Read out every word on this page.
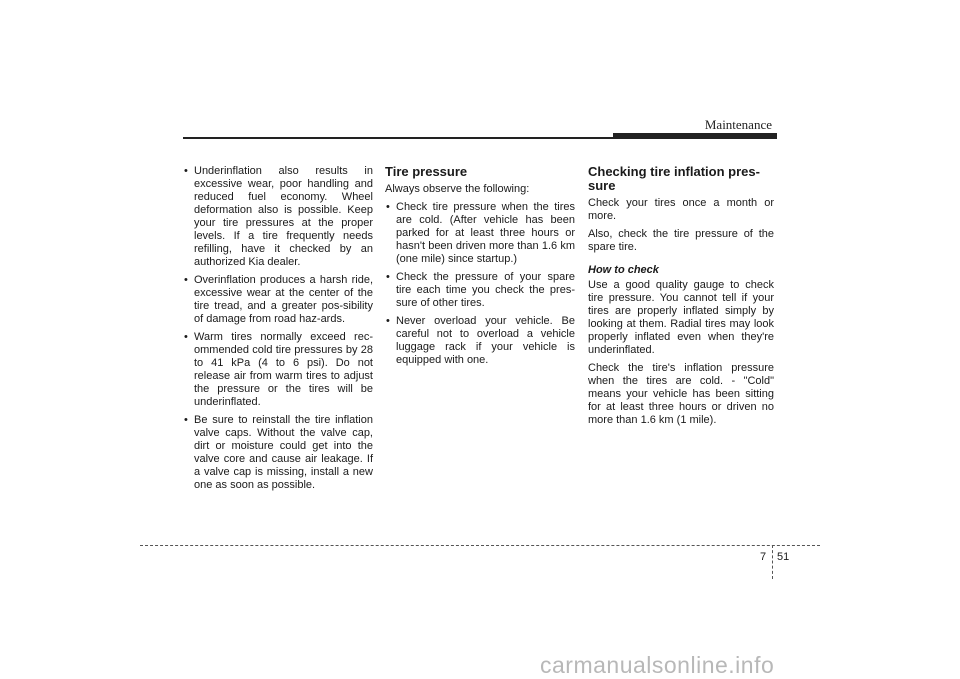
Maintenance
• Underinflation also results in excessive wear, poor handling and reduced fuel economy. Wheel deformation also is possible. Keep your tire pressures at the proper levels. If a tire frequently needs refilling, have it checked by an authorized Kia dealer.
• Overinflation produces a harsh ride, excessive wear at the center of the tire tread, and a greater pos-sibility of damage from road haz-ards.
• Warm tires normally exceed rec-ommended cold tire pressures by 28 to 41 kPa (4 to 6 psi). Do not release air from warm tires to adjust the pressure or the tires will be underinflated.
• Be sure to reinstall the tire inflation valve caps. Without the valve cap, dirt or moisture could get into the valve core and cause air leakage. If a valve cap is missing, install a new one as soon as possible.
Tire pressure

Always observe the following:

• Check tire pressure when the tires are cold. (After vehicle has been parked for at least three hours or hasn't been driven more than 1.6 km (one mile) since startup.)
• Check the pressure of your spare tire each time you check the pres-sure of other tires.
• Never overload your vehicle. Be careful not to overload a vehicle luggage rack if your vehicle is equipped with one.
Checking tire inflation pres-sure

Check your tires once a month or more.

Also, check the tire pressure of the spare tire.

How to check

Use a good quality gauge to check tire pressure. You cannot tell if your tires are properly inflated simply by looking at them. Radial tires may look properly inflated even when they're underinflated.

Check the tire's inflation pressure when the tires are cold. - "Cold" means your vehicle has been sitting for at least three hours or driven no more than 1.6 km (1 mile).

7 51
carmanualsonline.info
